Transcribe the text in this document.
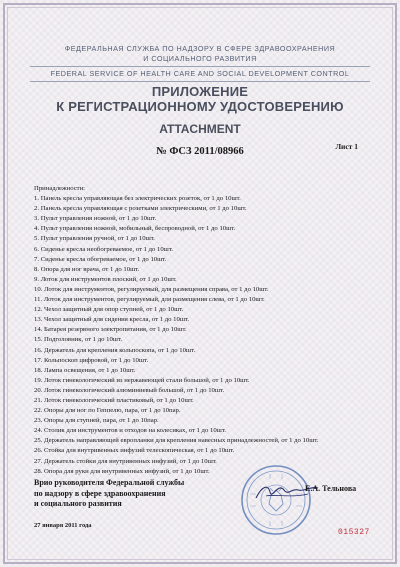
ФЕДЕРАЛЬНАЯ СЛУЖБА ПО НАДЗОРУ В СФЕРЕ ЗДРАВООХРАНЕНИЯ
И СОЦИАЛЬНОГО РАЗВИТИЯ
FEDERAL SERVICE OF HEALTH CARE AND SOCIAL DEVELOPMENT CONTROL
ПРИЛОЖЕНИЕ
К РЕГИСТРАЦИОННОМУ УДОСТОВЕРЕНИЮ
ATTACHMENT
Лист 1
№ ФСЗ 2011/08966
Принадлежности:
1. Панель кресла управляющая без электрических розеток, от 1 до 10шт.
2. Панель кресла управляющая с розетками электрическими, от 1 до 10шт.
3. Пульт управления ножной, от 1 до 10шт.
4. Пульт управления ножной, мобильный, беспроводной, от 1 до 10шт.
5. Пульт управления ручной, от 1 до 10шт.
6. Сиденье кресла необогреваемое, от 1 до 10шт.
7. Сиденье кресла обогреваемое, от 1 до 10шт.
8. Опора для ног врача, от 1 до 10шт.
9. Лоток для инструментов плоский, от 1 до 10шт.
10. Лоток для инструментов, регулируемый, для размещения справа, от 1 до 10шт.
11. Лоток для инструментов, регулируемый, для размещения слева, от 1 до 10шт.
12. Чехол защитный для опор ступней, от 1 до 10шт.
13. Чехол защитный для сидения кресла, от 1 до 10шт.
14. Батарея резервного электропитания, от 1 до 10шт.
15. Подголовник, от 1 до 10шт.
16. Держатель для крепления кольпоскопа, от 1 до 10шт.
17. Кольпоскоп цифровой, от 1 до 10шт.
18. Лампа освещения, от 1 до 10шт.
19. Лоток гинекологический из нержавеющей стали большой, от 1 до 10шт.
20. Лоток гинекологический алюминиевый большой, от 1 до 10шт.
21. Лоток гинекологический пластиковый, от 1 до 10шт.
22. Опоры для ног по Геппелю, пара, от 1 до 10пар.
23. Опоры для ступней, пара, от 1 до 10пар.
24. Столик для инструментов и отходов на колесиках, от 1 до 10шт.
25. Держатель направляющей европланки для крепления навесных принадлежностей, от 1 до 10шт.
26. Стойка для внутривенных инфузий телескопическая, от 1 до 10шт.
27. Держатель стойки для внутривенных инфузий, от 1 до 10шт.
28. Опора для руки для внутривенных инфузий, от 1 до 10шт.
Врио руководителя Федеральной службы
по надзору в сфере здравоохранения
и социального развития
27 января 2011 года
Е.А. Тельнова
015327
